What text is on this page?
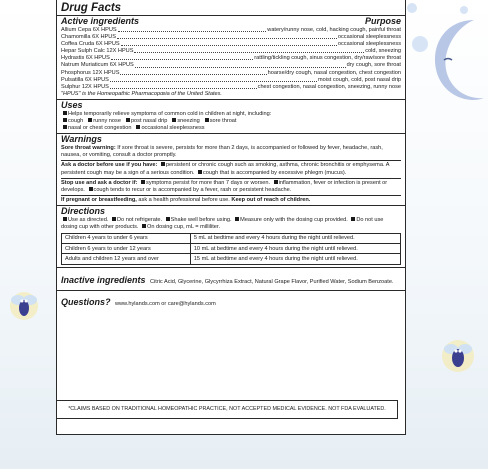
Drug Facts
Active ingredients	Purpose
Allium Cepa 6X HPUS	watery/runny nose, cold, hacking cough, painful throat
Chamomilla 6X HPUS	occasional sleeplessness
Coffea Cruda 6X HPUS	occasional sleeplessness
Hepar Sulph Calc 12X HPUS	cold, sneezing
Hydrastis 6X HPUS	rattling/tickling cough, sinus congestion, dry/raw/sore throat
Natrum Muriaticum 6X HPUS	dry cough, sore throat
Phosphorus 12X HPUS	hoarse/dry cough, nasal congestion, chest congestion
Pulsatilla 6X HPUS	moist cough, cold, post nasal drip
Sulphur 12X HPUS	chest congestion, nasal congestion, sneezing, runny nose
"HPUS" is the Homeopathic Pharmacopœia of the United States.
Uses
Helps temporarily relieve symptoms of common cold in children at night, including:
cough runny nose post nasal drip sneezing sore throat
nasal or chest congestion occasional sleeplessness
Warnings
Sore throat warning: If sore throat is severe, persists for more than 2 days, is accompanied or followed by fever, headache, rash, nausea, or vomiting, consult a doctor promptly.
Ask a doctor before use if you have: persistent or chronic cough such as smoking, asthma, chronic bronchitis or emphysema. A persistent cough may be a sign of a serious condition. cough that is accompanied by excessive phlegm (mucus).
Stop use and ask a doctor if: symptoms persist for more than 7 days or worsen. inflammation, fever or infection is present or develops. cough tends to recur or is accompanied by a fever, rash or persistent headache.
If pregnant or breastfeeding, ask a health professional before use. Keep out of reach of children.
Directions
Use as directed. Do not refrigerate. Shake well before using. Measure only with the dosing cup provided. Do not use dosing cup with other products. On dosing cup, mL = milliliter.
Children 4 years to under 6 years	5 mL at bedtime and every 4 hours during the night until relieved.
Children 6 years to under 12 years	10 mL at bedtime and every 4 hours during the night until relieved.
Adults and children 12 years and over	15 mL at bedtime and every 4 hours during the night until relieved.
Inactive ingredients Citric Acid, Glycerine, Glycyrrhiza Extract, Natural Grape Flavor, Purified Water, Sodium Benzoate.
Questions? www.hylands.com or care@hylands.com
*CLAIMS BASED ON TRADITIONAL HOMEOPATHIC PRACTICE, NOT ACCEPTED MEDICAL EVIDENCE. NOT FDA EVALUATED.
